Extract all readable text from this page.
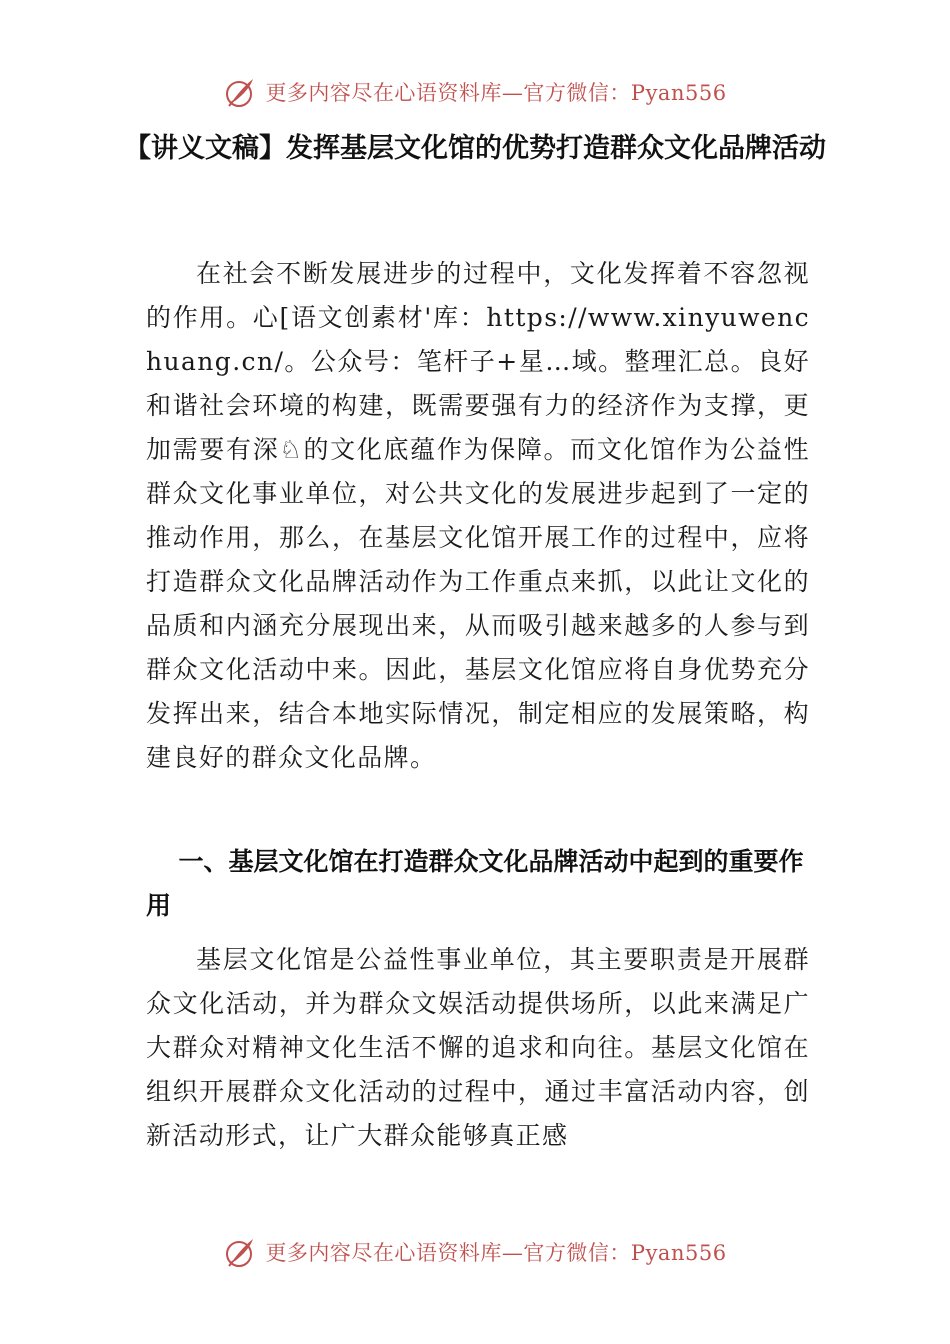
更多内容尽在心语资料库—官方微信：Pyan556
【讲义文稿】发挥基层文化馆的优势打造群众文化品牌活动

在社会不断发展进步的过程中，文化发挥着不容忽视的作用。心[语文创素材'库：https://www.xinyuwenchuang.cn/。公众号：笔杆子+星…域。整理汇总。良好和谐社会环境的构建，既需要强有力的经济作为支撑，更加需要有深♘的文化底蕴作为保障。而文化馆作为公益性群众文化事业单位，对公共文化的发展进步起到了一定的推动作用，那么，在基层文化馆开展工作的过程中，应将打造群众文化品牌活动作为工作重点来抓，以此让文化的品质和内涵充分展现出来，从而吸引越来越多的人参与到群众文化活动中来。因此，基层文化馆应将自身优势充分发挥出来，结合本地实际情况，制定相应的发展策略，构建良好的群众文化品牌。

一、基层文化馆在打造群众文化品牌活动中起到的重要作用

基层文化馆是公益性事业单位，其主要职责是开展群众文化活动，并为群众文娱活动提供场所，以此来满足广大群众对精神文化生活不懈的追求和向往。基层文化馆在组织开展群众文化活动的过程中，通过丰富活动内容，创新活动形式，让广大群众能够真正感

更多内容尽在心语资料库—官方微信：Pyan556
